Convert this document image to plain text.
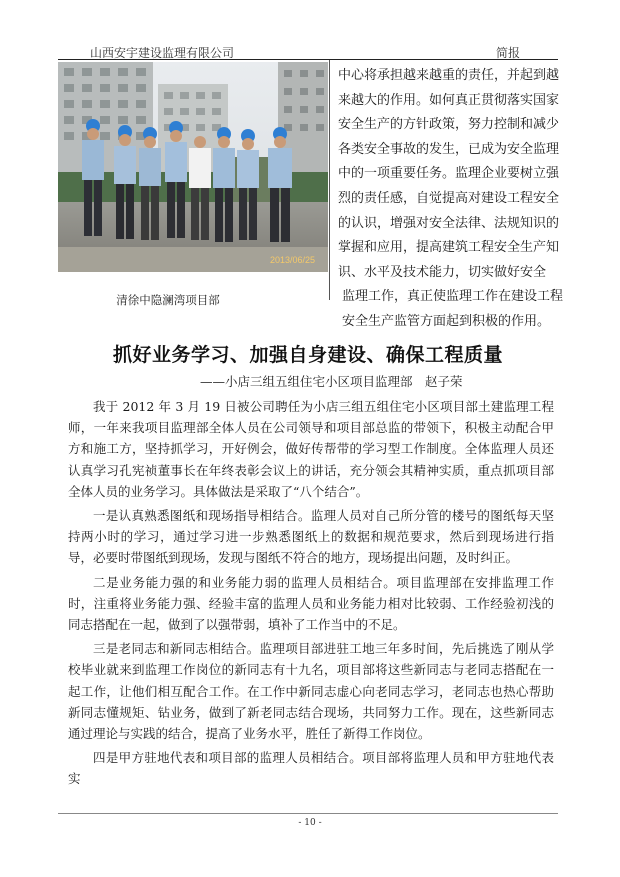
山西安宇建设监理有限公司	简报
2013/06/25
清徐中隐澜湾项目部
中心将承担越来越重的责任，并起到越
来越大的作用。如何真正贯彻落实国家
安全生产的方针政策，努力控制和减少
各类安全事故的发生，已成为安全监理
中的一项重要任务。监理企业要树立强
烈的责任感，自觉提高对建设工程安全
的认识，增强对安全法律、法规知识的
掌握和应用，提高建筑工程安全生产知
识、水平及技术能力，切实做好安全
监理工作，真正使监理工作在建设工程
安全生产监管方面起到积极的作用。
抓好业务学习、加强自身建设、确保工程质量
——小店三组五组住宅小区项目监理部　赵子荣

我于 2012 年 3 月 19 日被公司聘任为小店三组五组住宅小区项目部土建监理工程师，一年来我项目监理部全体人员在公司领导和项目部总监的带领下，积极主动配合甲方和施工方，坚持抓学习，开好例会，做好传帮带的学习型工作制度。全体监理人员还认真学习孔宪祯董事长在年终表彰会议上的讲话，充分领会其精神实质，重点抓项目部全体人员的业务学习。具体做法是采取了“八个结合”。

一是认真熟悉图纸和现场指导相结合。监理人员对自己所分管的楼号的图纸每天坚持两小时的学习，通过学习进一步熟悉图纸上的数据和规范要求，然后到现场进行指导，必要时带图纸到现场，发现与图纸不符合的地方，现场提出问题，及时纠正。

二是业务能力强的和业务能力弱的监理人员相结合。项目监理部在安排监理工作时，注重将业务能力强、经验丰富的监理人员和业务能力相对比较弱、工作经验初浅的同志搭配在一起，做到了以强带弱，填补了工作当中的不足。

三是老同志和新同志相结合。监理项目部进驻工地三年多时间，先后挑选了刚从学校毕业就来到监理工作岗位的新同志有十九名，项目部将这些新同志与老同志搭配在一起工作，让他们相互配合工作。在工作中新同志虚心向老同志学习，老同志也热心帮助新同志懂规矩、钻业务，做到了新老同志结合现场，共同努力工作。现在，这些新同志通过理论与实践的结合，提高了业务水平，胜任了新得工作岗位。

四是甲方驻地代表和项目部的监理人员相结合。项目部将监理人员和甲方驻地代表实

- 10 -
